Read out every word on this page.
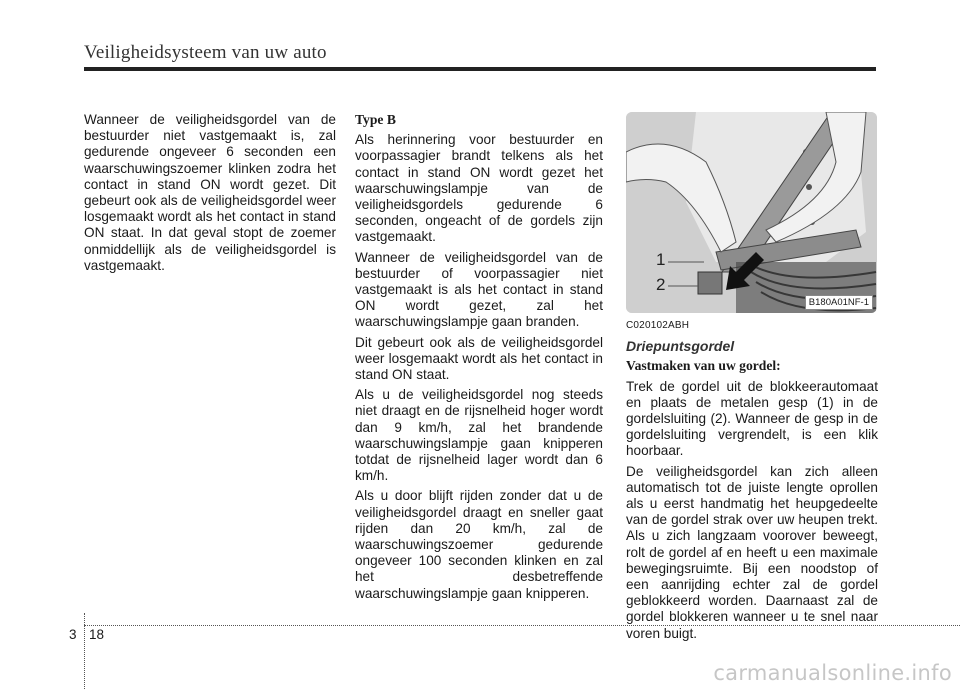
Veiligheidsysteem van uw auto

Wanneer de veiligheidsgordel van de bestuurder niet vastgemaakt is, zal gedurende ongeveer 6 seconden een waarschuwingszoemer klinken zodra het contact in stand ON wordt gezet. Dit gebeurt ook als de veiligheidsgordel weer losgemaakt wordt als het contact in stand ON staat. In dat geval stopt de zoemer onmiddellijk als de veiligheidsgordel is vastgemaakt.

Type B

Als herinnering voor bestuurder en voorpassagier brandt telkens als het contact in stand ON wordt gezet het waarschuwingslampje van de veiligheidsgordels gedurende 6 seconden, ongeacht of de gordels zijn vastgemaakt.

Wanneer de veiligheidsgordel van de bestuurder of voorpassagier niet vastgemaakt is als het contact in stand ON wordt gezet, zal het waarschuwingslampje gaan branden.

Dit gebeurt ook als de veiligheidsgordel weer losgemaakt wordt als het contact in stand ON staat.

Als u de veiligheidsgordel nog steeds niet draagt en de rijsnelheid hoger wordt dan 9 km/h, zal het brandende waarschuwingslampje gaan knipperen totdat de rijsnelheid lager wordt dan 6 km/h.

Als u door blijft rijden zonder dat u de veiligheidsgordel draagt en sneller gaat rijden dan 20 km/h, zal de waarschuwingszoemer gedurende ongeveer 100 seconden klinken en zal het desbetreffende waarschuwingslampje gaan knipperen.

1
2
B180A01NF-1

C020102ABH

Driepuntsgordel

Vastmaken van uw gordel:

Trek de gordel uit de blokkeerautomaat en plaats de metalen gesp (1) in de gordelsluiting (2). Wanneer de gesp in de gordelsluiting vergrendelt, is een klik hoorbaar.

De veiligheidsgordel kan zich alleen automatisch tot de juiste lengte oprollen als u eerst handmatig het heupgedeelte van de gordel strak over uw heupen trekt. Als u zich langzaam voorover beweegt, rolt de gordel af en heeft u een maximale bewegingsruimte. Bij een noodstop of een aanrijding echter zal de gordel geblokkeerd worden. Daarnaast zal de gordel blokkeren wanneer u te snel naar voren buigt.

3 18
carmanualsonline.info
